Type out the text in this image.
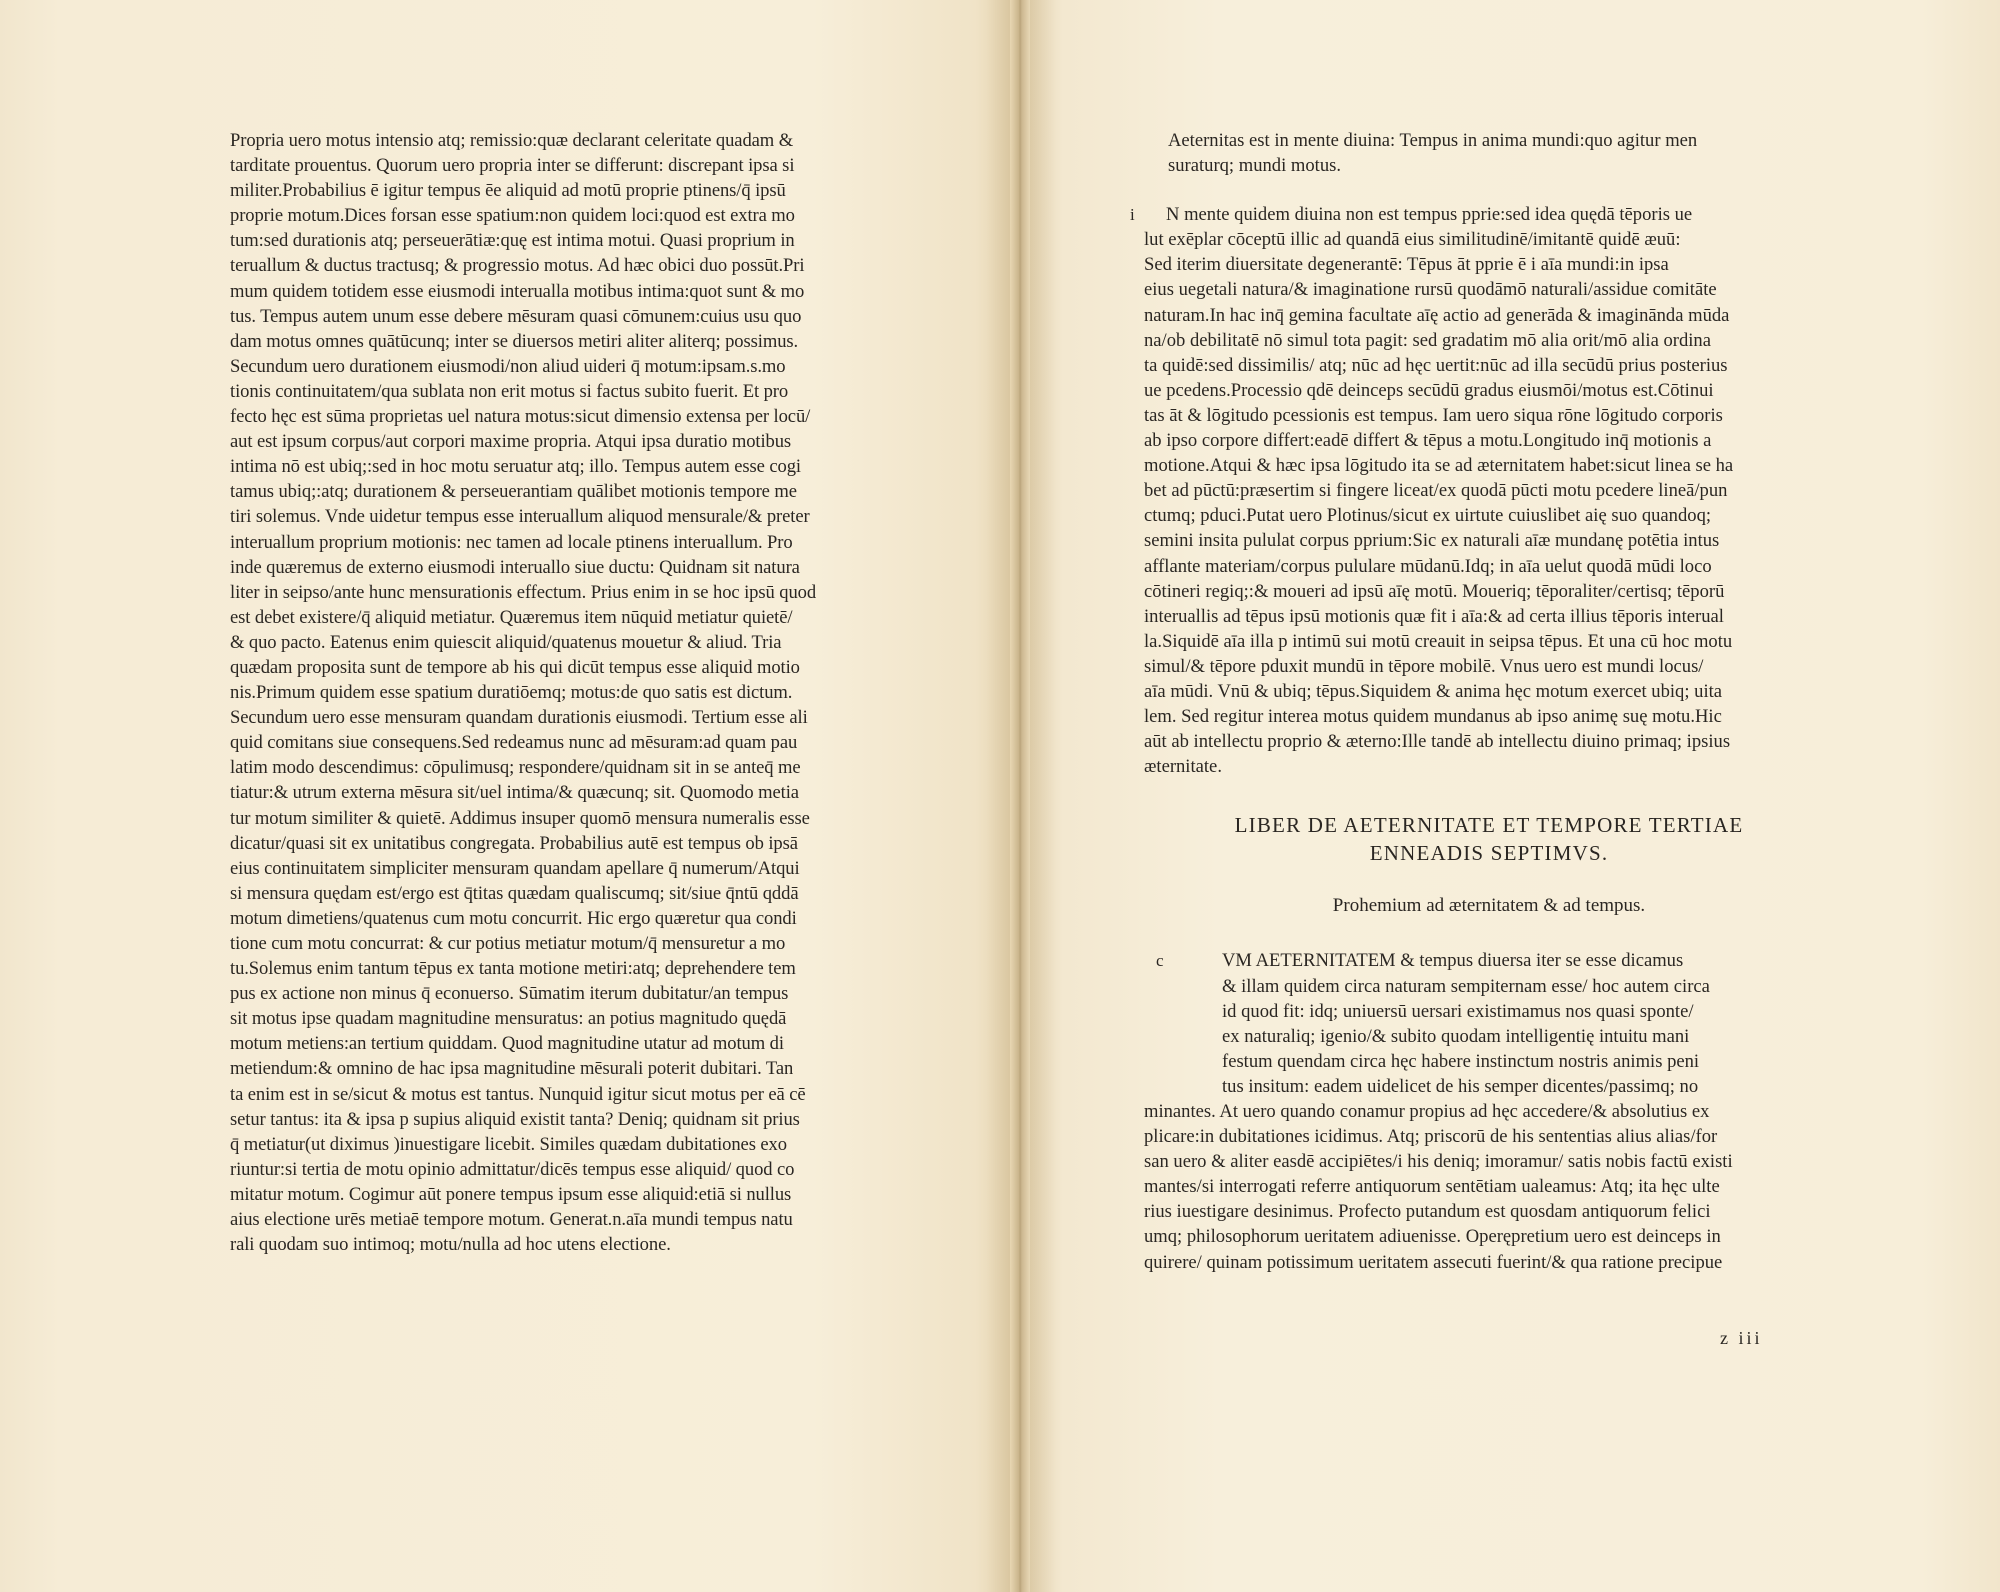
Propria uero motus intensio atq; remissio:quæ declarant celeritate quadam &
tarditate prouentus. Quorum uero propria inter se differunt: discrepant ipsa si
militer.Probabilius ē igitur tempus ēe aliquid ad motū proprie ptinens/q̄ ipsū
proprie motum.Dices forsan esse spatium:non quidem loci:quod est extra mo
tum:sed durationis atq; perseuerātiæ:quę est intima motui. Quasi proprium in
teruallum & ductus tractusq; & progressio motus. Ad hæc obici duo possūt.Pri
mum quidem totidem esse eiusmodi interualla motibus intima:quot sunt & mo
tus. Tempus autem unum esse debere mēsuram quasi cōmunem:cuius usu quo
dam motus omnes quātūcunq; inter se diuersos metiri aliter aliterq; possimus.
Secundum uero durationem eiusmodi/non aliud uideri q̄ motum:ipsam.s.mo
tionis continuitatem/qua sublata non erit motus si factus subito fuerit. Et pro
fecto hęc est sūma proprietas uel natura motus:sicut dimensio extensa per locū/
aut est ipsum corpus/aut corpori maxime propria. Atqui ipsa duratio motibus
intima nō est ubiq;:sed in hoc motu seruatur atq; illo. Tempus autem esse cogi
tamus ubiq;:atq; durationem & perseuerantiam quālibet motionis tempore me
tiri solemus. Vnde uidetur tempus esse interuallum aliquod mensurale/& preter
interuallum proprium motionis: nec tamen ad locale ptinens interuallum. Pro
inde quæremus de externo eiusmodi interuallo siue ductu: Quidnam sit natura
liter in seipso/ante hunc mensurationis effectum. Prius enim in se hoc ipsū quod
est debet existere/q̄ aliquid metiatur. Quæremus item nūquid metiatur quietē/
& quo pacto. Eatenus enim quiescit aliquid/quatenus mouetur & aliud. Tria
quædam proposita sunt de tempore ab his qui dicūt tempus esse aliquid motio
nis.Primum quidem esse spatium duratiōemq; motus:de quo satis est dictum.
Secundum uero esse mensuram quandam durationis eiusmodi. Tertium esse ali
quid comitans siue consequens.Sed redeamus nunc ad mēsuram:ad quam pau
latim modo descendimus: cōpulimusq; respondere/quidnam sit in se anteq̄ me
tiatur:& utrum externa mēsura sit/uel intima/& quæcunq; sit. Quomodo metia
tur motum similiter & quietē. Addimus insuper quomō mensura numeralis esse
dicatur/quasi sit ex unitatibus congregata. Probabilius autē est tempus ob ipsā
eius continuitatem simpliciter mensuram quandam apellare q̄ numerum/Atqui
si mensura quędam est/ergo est q̄titas quædam qualiscumq; sit/siue q̄ntū qddā
motum dimetiens/quatenus cum motu concurrit. Hic ergo quæretur qua condi
tione cum motu concurrat: & cur potius metiatur motum/q̄ mensuretur a mo
tu.Solemus enim tantum tēpus ex tanta motione metiri:atq; deprehendere tem
pus ex actione non minus q̄ econuerso. Sūmatim iterum dubitatur/an tempus
sit motus ipse quadam magnitudine mensuratus: an potius magnitudo quędā
motum metiens:an tertium quiddam. Quod magnitudine utatur ad motum di
metiendum:& omnino de hac ipsa magnitudine mēsurali poterit dubitari. Tan
ta enim est in se/sicut & motus est tantus. Nunquid igitur sicut motus per eā cē
setur tantus: ita & ipsa p supius aliquid existit tanta? Deniq; quidnam sit prius
q̄ metiatur(ut diximus )inuestigare licebit. Similes quædam dubitationes exo
riuntur:si tertia de motu opinio admittatur/dicēs tempus esse aliquid/ quod co
mitatur motum. Cogimur aūt ponere tempus ipsum esse aliquid:etiā si nullus
aius electione urēs metiaē tempore motum. Generat.n.aīa mundi tempus natu
rali quodam suo intimoq; motu/nulla ad hoc utens electione.
Aeternitas est in mente diuina: Tempus in anima mundi:quo agitur men
suraturq; mundi motus.
i	N mente quidem diuina non est tempus pprie:sed idea quędā tēporis ue
lut exēplar cōceptū illic ad quandā eius similitudinē/imitantē quidē æuū:
Sed iterim diuersitate degenerantē: Tēpus āt pprie ē i aīa mundi:in ipsa
eius uegetali natura/& imaginatione rursū quodāmō naturali/assidue comitāte
naturam.In hac inq̄ gemina facultate aīę actio ad generāda & imaginānda mūda
na/ob debilitatē nō simul tota pagit: sed gradatim mō alia orit/mō alia ordina
ta quidē:sed dissimilis/ atq; nūc ad hęc uertit:nūc ad illa secūdū prius posterius
ue pcedens.Processio qdē deinceps secūdū gradus eiusmōi/motus est.Cōtinui
tas āt & lōgitudo pcessionis est tempus. Iam uero siqua rōne lōgitudo corporis
ab ipso corpore differt:eadē differt & tēpus a motu.Longitudo inq̄ motionis a
motione.Atqui & hæc ipsa lōgitudo ita se ad æternitatem habet:sicut linea se ha
bet ad pūctū:præsertim si fingere liceat/ex quodā pūcti motu pcedere lineā/pun
ctumq; pduci.Putat uero Plotinus/sicut ex uirtute cuiuslibet aię suo quandoq;
semini insita pululat corpus pprium:Sic ex naturali aīæ mundanę potētia intus
afflante materiam/corpus pululare mūdanū.Idq; in aīa uelut quodā mūdi loco
cōtineri regiq;:& moueri ad ipsū aīę motū. Moueriq; tēporaliter/certisq; tēporū
interuallis ad tēpus ipsū motionis quæ fit i aīa:& ad certa illius tēporis interual
la.Siquidē aīa illa p intimū sui motū creauit in seipsa tēpus. Et una cū hoc motu
simul/& tēpore pduxit mundū in tēpore mobilē. Vnus uero est mundi locus/
aīa mūdi. Vnū & ubiq; tēpus.Siquidem & anima hęc motum exercet ubiq; uita
lem. Sed regitur interea motus quidem mundanus ab ipso animę suę motu.Hic
aūt ab intellectu proprio & æterno:Ille tandē ab intellectu diuino primaq; ipsius
æternitate.
LIBER DE AETERNITATE ET TEMPORE TERTIAE
ENNEADIS SEPTIMVS.
Prohemium ad æternitatem & ad tempus.
c	VM AETERNITATEM & tempus diuersa iter se esse dicamus
& illam quidem circa naturam sempiternam esse/ hoc autem circa
id quod fit: idq; uniuersū uersari existimamus nos quasi sponte/
ex naturaliq; igenio/& subito quodam intelligentię intuitu mani
festum quendam circa hęc habere instinctum nostris animis peni
tus insitum: eadem uidelicet de his semper dicentes/passimq; no
minantes. At uero quando conamur propius ad hęc accedere/& absolutius ex
plicare:in dubitationes icidimus. Atq; priscorū de his sententias alius alias/for
san uero & aliter easdē accipiētes/i his deniq; imoramur/ satis nobis factū existi
mantes/si interrogati referre antiquorum sentētiam ualeamus: Atq; ita hęc ulte
rius iuestigare desinimus. Profecto putandum est quosdam antiquorum felici
umq; philosophorum ueritatem adiuenisse. Operępretium uero est deinceps in
quirere/ quinam potissimum ueritatem assecuti fuerint/& qua ratione precipue
z iii
